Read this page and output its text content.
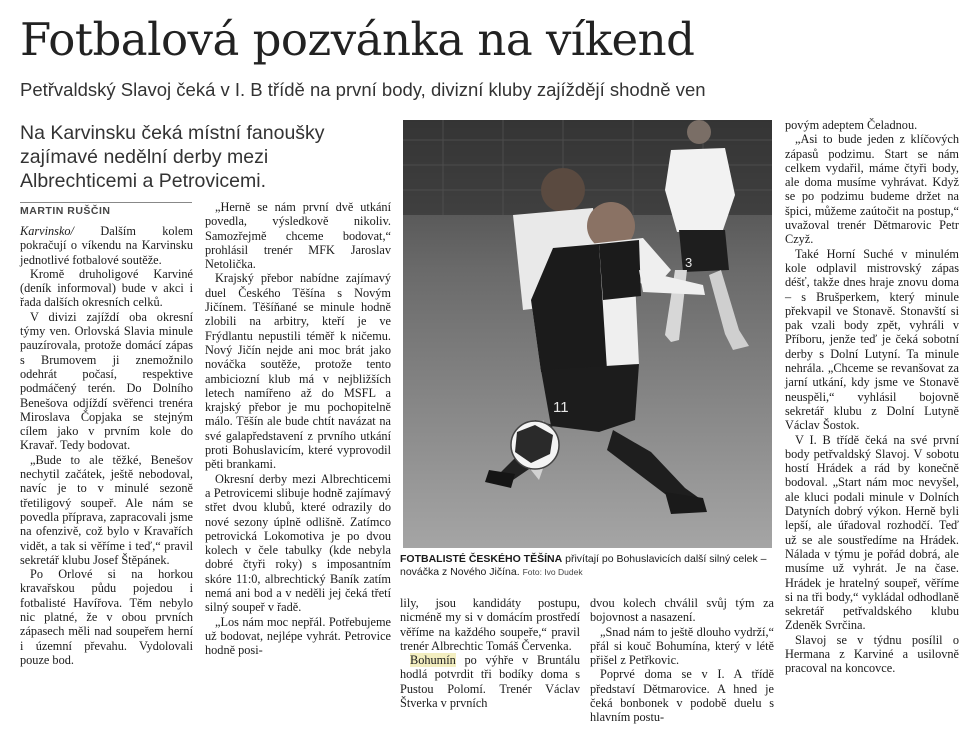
Fotbalová pozvánka na víkend
Petřvaldský Slavoj čeká v I. B třídě na první body, divizní kluby zajíždějí shodně ven
Na Karvinsku čeká místní fanoušky zajímavé nedělní derby mezi Albrechticemi a Petrovicemi.
MARTIN RUŠČIN

Karvinsko/ Dalším kolem pokračují o víkendu na Karvinsku jednotlivé fotbalové soutěže.

Kromě druholigové Karviné (deník informoval) bude v akci i řada dalších okresních celků.

V divizi zajíždí oba okresní týmy ven. Orlovská Slavia minule pauzírovala, protože domácí zápas s Brumovem ji znemožnilo odehrát počasí, respektive podmáčený terén. Do Dolního Benešova odjíždí svěřenci trenéra Miroslava Čopjaka se stejným cílem jako v prvním kole do Kravař. Tedy bodovat.

„Bude to ale těžké, Benešov nechytil začátek, ještě nebodoval, navíc je to v minulé sezoně třetiligový soupeř. Ale nám se povedla příprava, zapracovali jsme na ofenzivě, což bylo v Kravařích vidět, a tak si věříme i teď,“ pravil sekretář klubu Josef Štěpánek.

Po Orlové si na horkou kravařskou půdu pojedou i fotbalisté Havířova. Těm nebylo nic platné, že v obou prvních zápasech měli nad soupeřem herní i územní převahu. Vydolovali pouze bod.

„Herně se nám první dvě utkání povedla, výsledkově nikoliv. Samozřejmě chceme bodovat,“ prohlásil trenér MFK Jaroslav Netolička.

Krajský přebor nabídne zajímavý duel Českého Těšína s Novým Jičínem. Těšíňané se minule hodně zlobili na arbitry, kteří je ve Frýdlantu nepustili téměř k ničemu. Nový Jičín nejde ani moc brát jako nováčka soutěže, protože tento ambiciozní klub má v nejbližších letech namířeno až do MSFL a krajský přebor je mu pochopitelně málo. Těšín ale bude chtít navázat na své galapředstavení z prvního utkání proti Bohuslavicím, které vyprovodil pěti brankami.

Okresní derby mezi Albrechticemi a Petrovicemi slibuje hodně zajímavý střet dvou klubů, které odrazily do nové sezony úplně odlišně. Zatímco petrovická Lokomotiva je po dvou kolech v čele tabulky (kde nebyla dobré čtyři roky) s imposantním skóre 11:0, albrechtický Baník zatím nemá ani bod a v neděli jej čeká třetí silný soupeř v řadě.

„Los nám moc nepřál. Potřebujeme už bodovat, nejlépe vyhrát. Petrovice hodně posi-

3
11
FOTBALISTÉ ČESKÉHO TĚŠÍNA přivítají po Bohuslavicích další silný celek – nováčka z Nového Jičína. Foto: Ivo Dudek

lily, jsou kandidáty postupu, nicméně my si v domácím prostředí věříme na každého soupeře,“ pravil trenér Albrechtic Tomáš Červenka.

Bohumín po výhře v Bruntálu hodlá potvrdit tři bodíky doma s Pustou Polomí. Trenér Václav Štverka v prvních

dvou kolech chválil svůj tým za bojovnost a nasazení.

„Snad nám to ještě dlouho vydrží,“ přál si kouč Bohumína, který v létě přišel z Petřkovic.

Poprvé doma se v I. A třídě představí Dětmarovice. A hned je čeká bonbonek v podobě duelu s hlavním postu-

povým adeptem Čeladnou.

„Asi to bude jeden z klíčových zápasů podzimu. Start se nám celkem vydařil, máme čtyři body, ale doma musíme vyhrávat. Když se po podzimu budeme držet na špici, můžeme zaútočit na postup,“ uvažoval trenér Dětmarovic Petr Czyž.

Také Horní Suché v minulém kole odplavil mistrovský zápas déšť, takže dnes hraje znovu doma – s Brušperkem, který minule překvapil ve Stonavě. Stonavští si pak vzali body zpět, vyhráli v Příboru, jenže teď je čeká sobotní derby s Dolní Lutyní. Ta minule nehrála. „Chceme se revanšovat za jarní utkání, kdy jsme ve Stonavě neuspěli,“ vyhlásil bojovně sekretář klubu z Dolní Lutyně Václav Šostok.

V I. B třídě čeká na své první body petřvaldský Slavoj. V sobotu hostí Hrádek a rád by konečně bodoval. „Start nám moc nevyšel, ale kluci podali minule v Dolních Datyních dobrý výkon. Herně byli lepší, ale úřadoval rozhodčí. Teď už se ale soustředíme na Hrádek. Nálada v týmu je pořád dobrá, ale musíme už vyhrát. Je na čase. Hrádek je hratelný soupeř, věříme si na tři body,“ vykládal odhodlaně sekretář petřvaldského klubu Zdeněk Svrčina.

Slavoj se v týdnu posílil o Hermana z Karviné a usilovně pracoval na koncovce.
